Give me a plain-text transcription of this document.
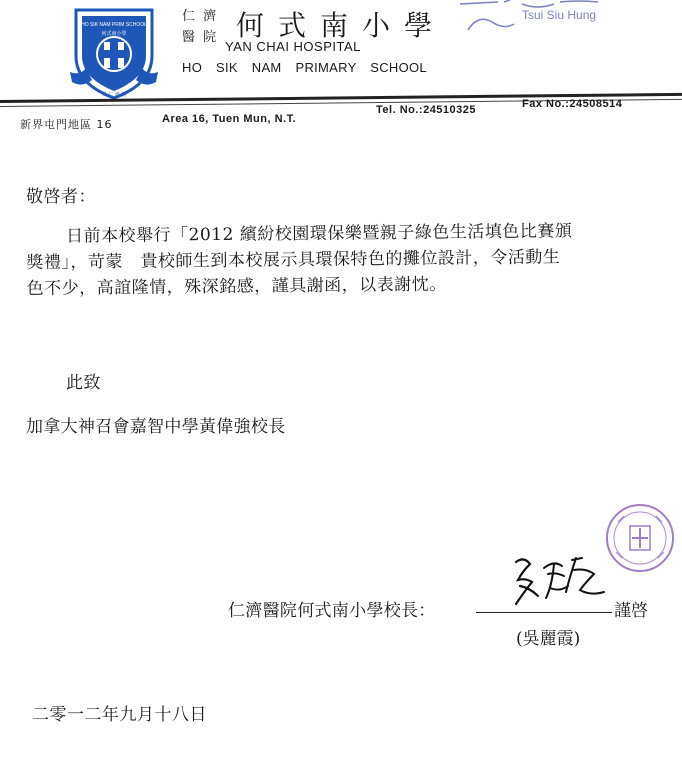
HO SIK NAM PRIM SCHOOL
何式南小學
愛 仁 濟 勤
仁 濟
醫 院 何式南小學
YAN CHAI HOSPITAL
HO SIK NAM PRIMARY SCHOOL
Tsui Siu Hung
新界屯門地區 16	Area 16, Tuen Mun, N.T.
Tel. No.:24510325	Fax No.:24508514
敬啓者：

日前本校舉行「2012 繽紛校園環保樂暨親子綠色生活填色比賽頒

獎禮」，苛蒙　貴校師生到本校展示具環保特色的攤位設計，令活動生

色不少，高誼隆情，殊深銘感，謹具謝函，以表謝忱。

此致
加拿大神召會嘉智中學黃偉強校長
仁濟醫院何式南小學校長：	謹啓
(吳麗霞)
二零一二年九月十八日
